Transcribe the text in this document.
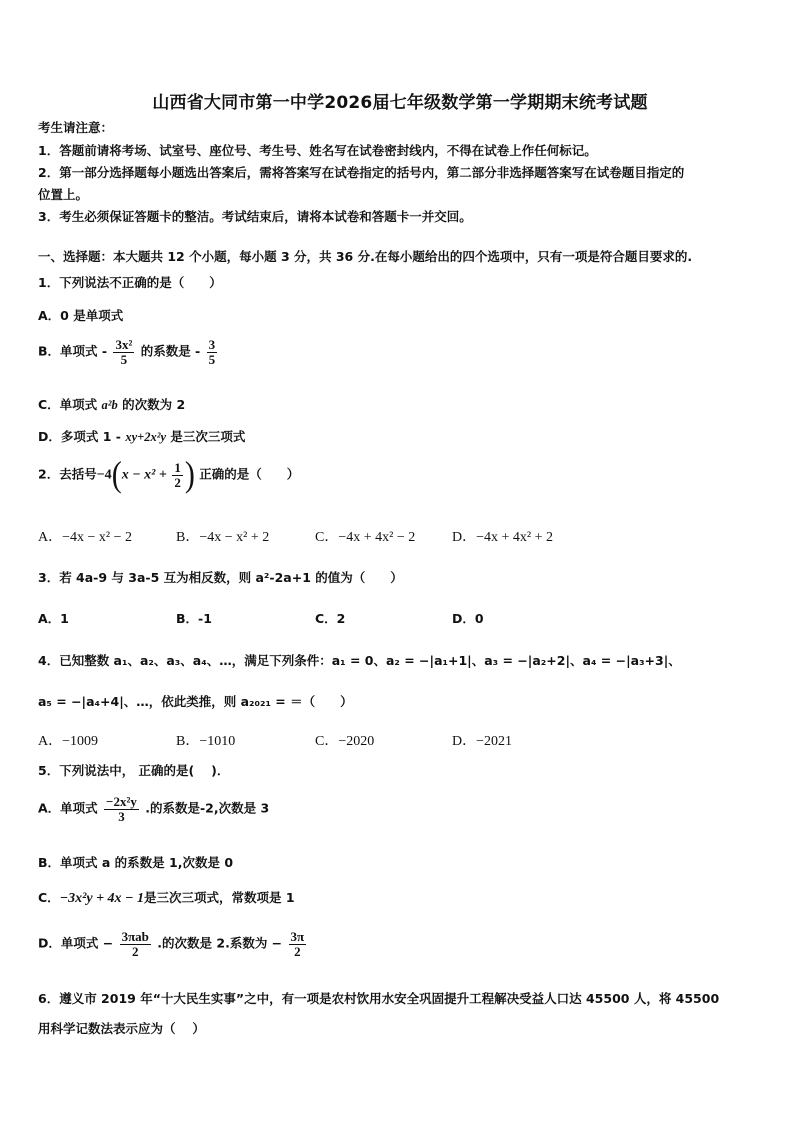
山西省大同市第一中学2026届七年级数学第一学期期末统考试题
考生请注意：
1．答题前请将考场、试室号、座位号、考生号、姓名写在试卷密封线内，不得在试卷上作任何标记。
2．第一部分选择题每小题选出答案后，需将答案写在试卷指定的括号内，第二部分非选择题答案写在试卷题目指定的
位置上。
3．考生必须保证答题卡的整洁。考试结束后，请将本试卷和答题卡一并交回。
一、选择题：本大题共 12 个小题，每小题 3 分，共 36 分.在每小题给出的四个选项中，只有一项是符合题目要求的.
1．下列说法不正确的是（　　）
A．0 是单项式
B．单项式 - $\frac{\text{3x²}}{5}$ 的系数是 - $\frac{3}{5}$
C．单项式 a²b 的次数为 2
D．多项式 1 - xy+2x²y 是三次三项式
2．去括号$-4(x - x^2 + \frac{1}{2}$ ) 正确的是（　　）
A．−4x − x² − 2	B．−4x − x² + 2	C．−4x + 4x² − 2	D．−4x + 4x² + 2
3．若 4a-9 与 3a-5 互为相反数，则 a²-2a+1 的值为（　　）
A．1	B．-1	C．2	D．0
4．已知整数 a₁、a₂、a₃、a₄、…，满足下列条件：a₁ = 0、a₂ = −|a₁+1|、a₃ = −|a₂+2|、a₄ = −|a₃+3|、
a₅ = −|a₄+4|、…，依此类推，则 a₂₀₂₁ = ＝（　　）
A．−1009	B．−1010	C．−2020	D．−2021
5．下列说法中， 正确的是(　 )．
A．单项式 $\frac{\text{−2x²y}}{3}$ .的系数是-2,次数是 3
B．单项式 a 的系数是 1,次数是 0
C．−3x²y + 4x − 1是三次三项式，常数项是 1
D．单项式 − $\frac{\text{3πab}}{2}$ .的次数是 2.系数为 − $\frac{3\pi}{2}$
6．遵义市 2019 年“十大民生实事”之中，有一项是农村饮用水安全巩固提升工程解决受益人口达 45500 人，将 45500
用科学记数法表示应为（　 ）
